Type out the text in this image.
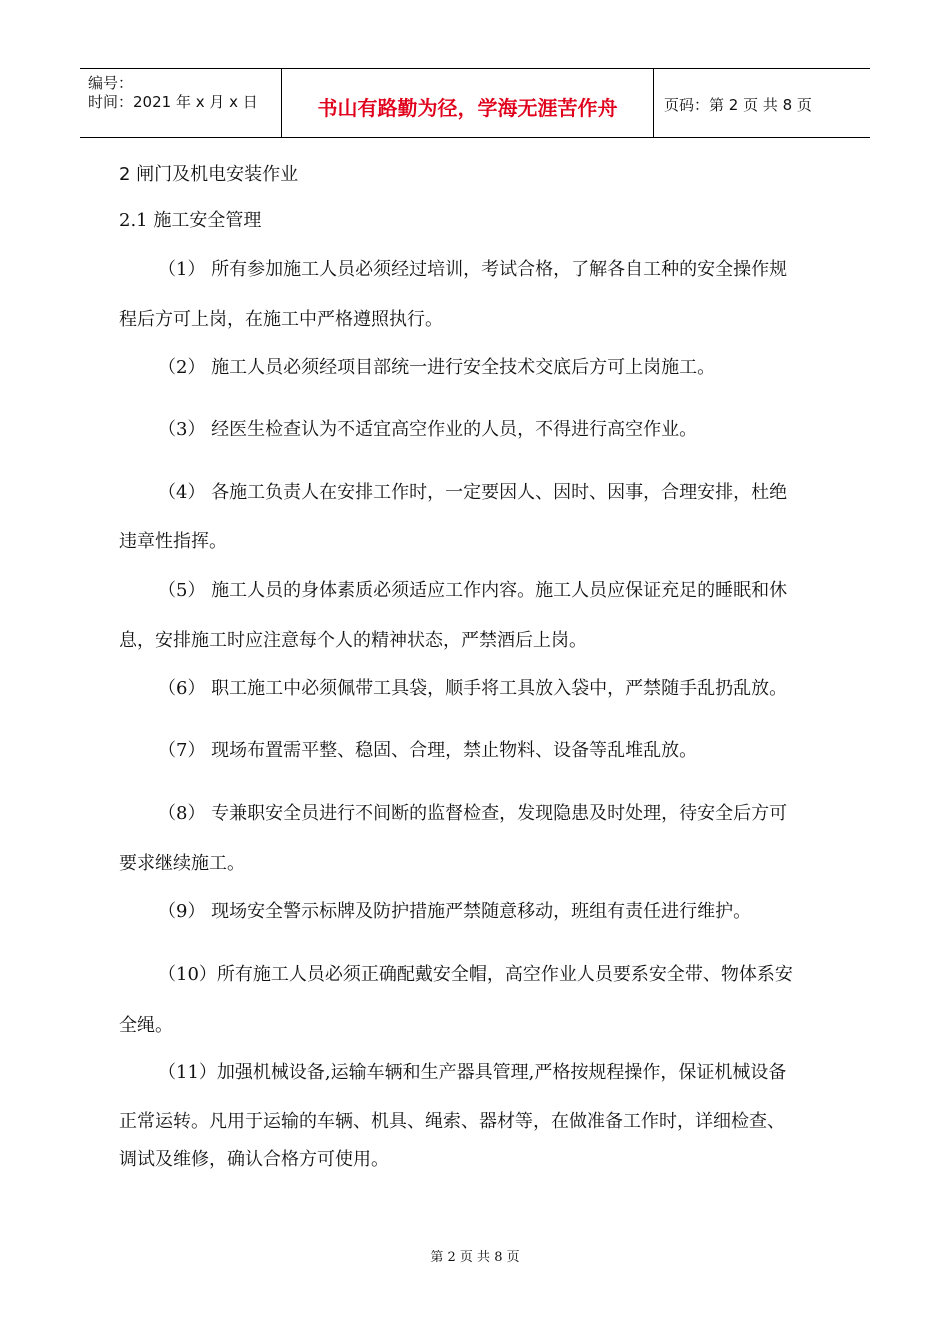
编号：
时间：2021 年 x 月 x 日	书山有路勤为径，学海无涯苦作舟	页码：第 2 页 共 8 页
2 闸门及机电安装作业
2.1 施工安全管理
（1） 所有参加施工人员必须经过培训，考试合格，了解各自工种的安全操作规
程后方可上岗，在施工中严格遵照执行。
（2） 施工人员必须经项目部统一进行安全技术交底后方可上岗施工。
（3） 经医生检查认为不适宜高空作业的人员，不得进行高空作业。
（4） 各施工负责人在安排工作时，一定要因人、因时、因事，合理安排，杜绝
违章性指挥。
（5） 施工人员的身体素质必须适应工作内容。施工人员应保证充足的睡眠和休
息，安排施工时应注意每个人的精神状态，严禁酒后上岗。
（6） 职工施工中必须佩带工具袋，顺手将工具放入袋中，严禁随手乱扔乱放。
（7） 现场布置需平整、稳固、合理，禁止物料、设备等乱堆乱放。
（8） 专兼职安全员进行不间断的监督检查，发现隐患及时处理，待安全后方可
要求继续施工。
（9） 现场安全警示标牌及防护措施严禁随意移动，班组有责任进行维护。
（10）所有施工人员必须正确配戴安全帽，高空作业人员要系安全带、物体系安
全绳。
（11）加强机械设备,运输车辆和生产器具管理,严格按规程操作，保证机械设备
正常运转。凡用于运输的车辆、机具、绳索、器材等，在做准备工作时，详细检查、
调试及维修，确认合格方可使用。
第 2 页 共 8 页
